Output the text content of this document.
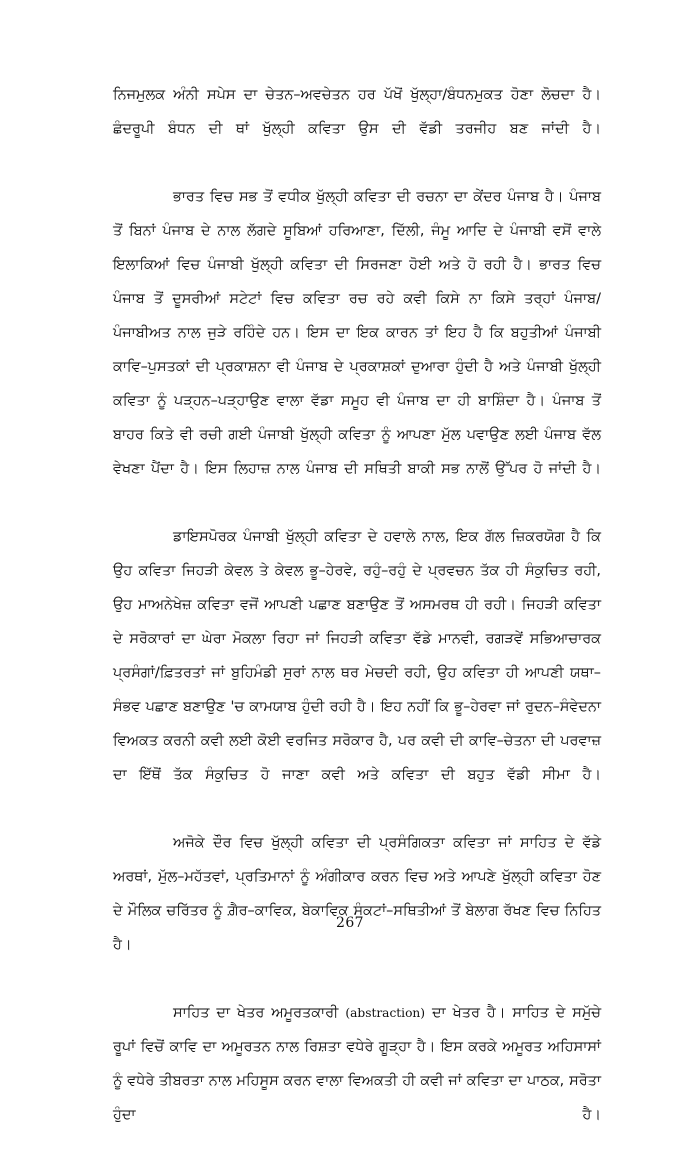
ਨਿਜਮੁਲਕ ਅੰਨੀ ਸਪੇਸ ਦਾ ਚੇਤਨ–ਅਵਚੇਤਨ ਹਰ ਪੱਖੋਂ ਖੁੱਲ੍ਹਾ/ਬੰਧਨਮੁਕਤ ਹੋਣਾ ਲੋਚਦਾ ਹੈ। ਛੰਦਰੂਪੀ ਬੰਧਨ ਦੀ ਥਾਂ ਖੁੱਲ੍ਹੀ ਕਵਿਤਾ ਉਸ ਦੀ ਵੱਡੀ ਤਰਜੀਹ ਬਣ ਜਾਂਦੀ ਹੈ।

ਭਾਰਤ ਵਿਚ ਸਭ ਤੋਂ ਵਧੀਕ ਖੁੱਲ੍ਹੀ ਕਵਿਤਾ ਦੀ ਰਚਨਾ ਦਾ ਕੇਂਦਰ ਪੰਜਾਬ ਹੈ। ਪੰਜਾਬ ਤੋਂ ਬਿਨਾਂ ਪੰਜਾਬ ਦੇ ਨਾਲ ਲੱਗਦੇ ਸੂਬਿਆਂ ਹਰਿਆਣਾ, ਦਿੱਲੀ, ਜੰਮੂ ਆਦਿ ਦੇ ਪੰਜਾਬੀ ਵਸੋਂ ਵਾਲੇ ਇਲਾਕਿਆਂ ਵਿਚ ਪੰਜਾਬੀ ਖੁੱਲ੍ਹੀ ਕਵਿਤਾ ਦੀ ਸਿਰਜਣਾ ਹੋਈ ਅਤੇ ਹੋ ਰਹੀ ਹੈ। ਭਾਰਤ ਵਿਚ ਪੰਜਾਬ ਤੋਂ ਦੂਸਰੀਆਂ ਸਟੇਟਾਂ ਵਿਚ ਕਵਿਤਾ ਰਚ ਰਹੇ ਕਵੀ ਕਿਸੇ ਨਾ ਕਿਸੇ ਤਰ੍ਹਾਂ ਪੰਜਾਬ/ਪੰਜਾਬੀਅਤ ਨਾਲ ਜੁੜੇ ਰਹਿੰਦੇ ਹਨ। ਇਸ ਦਾ ਇਕ ਕਾਰਨ ਤਾਂ ਇਹ ਹੈ ਕਿ ਬਹੁਤੀਆਂ ਪੰਜਾਬੀ ਕਾਵਿ–ਪੁਸਤਕਾਂ ਦੀ ਪ੍ਰਕਾਸ਼ਨਾ ਵੀ ਪੰਜਾਬ ਦੇ ਪ੍ਰਕਾਸ਼ਕਾਂ ਦੁਆਰਾ ਹੁੰਦੀ ਹੈ ਅਤੇ ਪੰਜਾਬੀ ਖੁੱਲ੍ਹੀ ਕਵਿਤਾ ਨੂੰ ਪੜ੍ਹਨ–ਪੜ੍ਹਾਉਣ ਵਾਲਾ ਵੱਡਾ ਸਮੂਹ ਵੀ ਪੰਜਾਬ ਦਾ ਹੀ ਬਾਸ਼ਿੰਦਾ ਹੈ। ਪੰਜਾਬ ਤੋਂ ਬਾਹਰ ਕਿਤੇ ਵੀ ਰਚੀ ਗਈ ਪੰਜਾਬੀ ਖੁੱਲ੍ਹੀ ਕਵਿਤਾ ਨੂੰ ਆਪਣਾ ਮੁੱਲ ਪਵਾਉਣ ਲਈ ਪੰਜਾਬ ਵੱਲ ਵੇਖਣਾ ਪੈਂਦਾ ਹੈ। ਇਸ ਲਿਹਾਜ਼ ਨਾਲ ਪੰਜਾਬ ਦੀ ਸਥਿਤੀ ਬਾਕੀ ਸਭ ਨਾਲੋਂ ਉੱਪਰ ਹੋ ਜਾਂਦੀ ਹੈ।

ਡਾਇਸਪੋਰਕ ਪੰਜਾਬੀ ਖੁੱਲ੍ਹੀ ਕਵਿਤਾ ਦੇ ਹਵਾਲੇ ਨਾਲ, ਇਕ ਗੱਲ ਜ਼ਿਕਰਯੋਗ ਹੈ ਕਿ ਉਹ ਕਵਿਤਾ ਜਿਹੜੀ ਕੇਵਲ ਤੇ ਕੇਵਲ ਭੂ–ਹੇਰਵੇ, ਰਹੁੰ–ਰਹੁੰ ਦੇ ਪ੍ਰਵਚਨ ਤੱਕ ਹੀ ਸੰਕੁਚਿਤ ਰਹੀ, ਉਹ ਮਾਅਨੇਖੇਜ਼ ਕਵਿਤਾ ਵਜੋਂ ਆਪਣੀ ਪਛਾਣ ਬਣਾਉਣ ਤੋਂ ਅਸਮਰਥ ਹੀ ਰਹੀ। ਜਿਹੜੀ ਕਵਿਤਾ ਦੇ ਸਰੋਕਾਰਾਂ ਦਾ ਘੇਰਾ ਮੋਕਲਾ ਰਿਹਾ ਜਾਂ ਜਿਹੜੀ ਕਵਿਤਾ ਵੱਡੇ ਮਾਨਵੀ, ਰਗੜਵੇਂ ਸਭਿਆਚਾਰਕ ਪ੍ਰਸੰਗਾਂ/ਫ਼ਿਤਰਤਾਂ ਜਾਂ ਬੁਹਿਮੰਡੀ ਸੁਰਾਂ ਨਾਲ ਥਰ ਮੇਚਦੀ ਰਹੀ, ਉਹ ਕਵਿਤਾ ਹੀ ਆਪਣੀ ਯਥਾ–ਸੰਭਵ ਪਛਾਣ ਬਣਾਉਣ 'ਚ ਕਾਮਯਾਬ ਹੁੰਦੀ ਰਹੀ ਹੈ। ਇਹ ਨਹੀਂ ਕਿ ਭੂ–ਹੇਰਵਾ ਜਾਂ ਰੁਦਨ–ਸੰਵੇਦਨਾ ਵਿਅਕਤ ਕਰਨੀ ਕਵੀ ਲਈ ਕੋਈ ਵਰਜਿਤ ਸਰੋਕਾਰ ਹੈ, ਪਰ ਕਵੀ ਦੀ ਕਾਵਿ–ਚੇਤਨਾ ਦੀ ਪਰਵਾਜ਼ ਦਾ ਇੱਥੋਂ ਤੱਕ ਸੰਕੁਚਿਤ ਹੋ ਜਾਣਾ ਕਵੀ ਅਤੇ ਕਵਿਤਾ ਦੀ ਬਹੁਤ ਵੱਡੀ ਸੀਮਾ ਹੈ।

ਅਜੋਕੇ ਦੌਰ ਵਿਚ ਖੁੱਲ੍ਹੀ ਕਵਿਤਾ ਦੀ ਪ੍ਰਸੰਗਿਕਤਾ ਕਵਿਤਾ ਜਾਂ ਸਾਹਿਤ ਦੇ ਵੱਡੇ ਅਰਥਾਂ, ਮੁੱਲ–ਮਹੱਤਵਾਂ, ਪ੍ਰਤਿਮਾਨਾਂ ਨੂੰ ਅੰਗੀਕਾਰ ਕਰਨ ਵਿਚ ਅਤੇ ਆਪਣੇ ਖੁੱਲ੍ਹੀ ਕਵਿਤਾ ਹੋਣ ਦੇ ਮੌਲਿਕ ਚਰਿੱਤਰ ਨੂੰ ਗ਼ੈਰ–ਕਾਵਿਕ, ਬੇਕਾਵਿਕ ਸੰਕਟਾਂ–ਸਥਿਤੀਆਂ ਤੋਂ ਬੇਲਾਗ ਰੱਖਣ ਵਿਚ ਨਿਹਿਤ ਹੈ।

ਸਾਹਿਤ ਦਾ ਖੇਤਰ ਅਮੂਰਤਕਾਰੀ (abstraction) ਦਾ ਖੇਤਰ ਹੈ। ਸਾਹਿਤ ਦੇ ਸਮੁੱਚੇ ਰੂਪਾਂ ਵਿਚੋਂ ਕਾਵਿ ਦਾ ਅਮੂਰਤਨ ਨਾਲ ਰਿਸ਼ਤਾ ਵਧੇਰੇ ਗੂੜ੍ਹਾ ਹੈ। ਇਸ ਕਰਕੇ ਅਮੂਰਤ ਅਹਿਸਾਸਾਂ ਨੂੰ ਵਧੇਰੇ ਤੀਬਰਤਾ ਨਾਲ ਮਹਿਸੂਸ ਕਰਨ ਵਾਲਾ ਵਿਅਕਤੀ ਹੀ ਕਵੀ ਜਾਂ ਕਵਿਤਾ ਦਾ ਪਾਠਕ, ਸਰੋਤਾ ਹੁੰਦਾ ਹੈ।

267
